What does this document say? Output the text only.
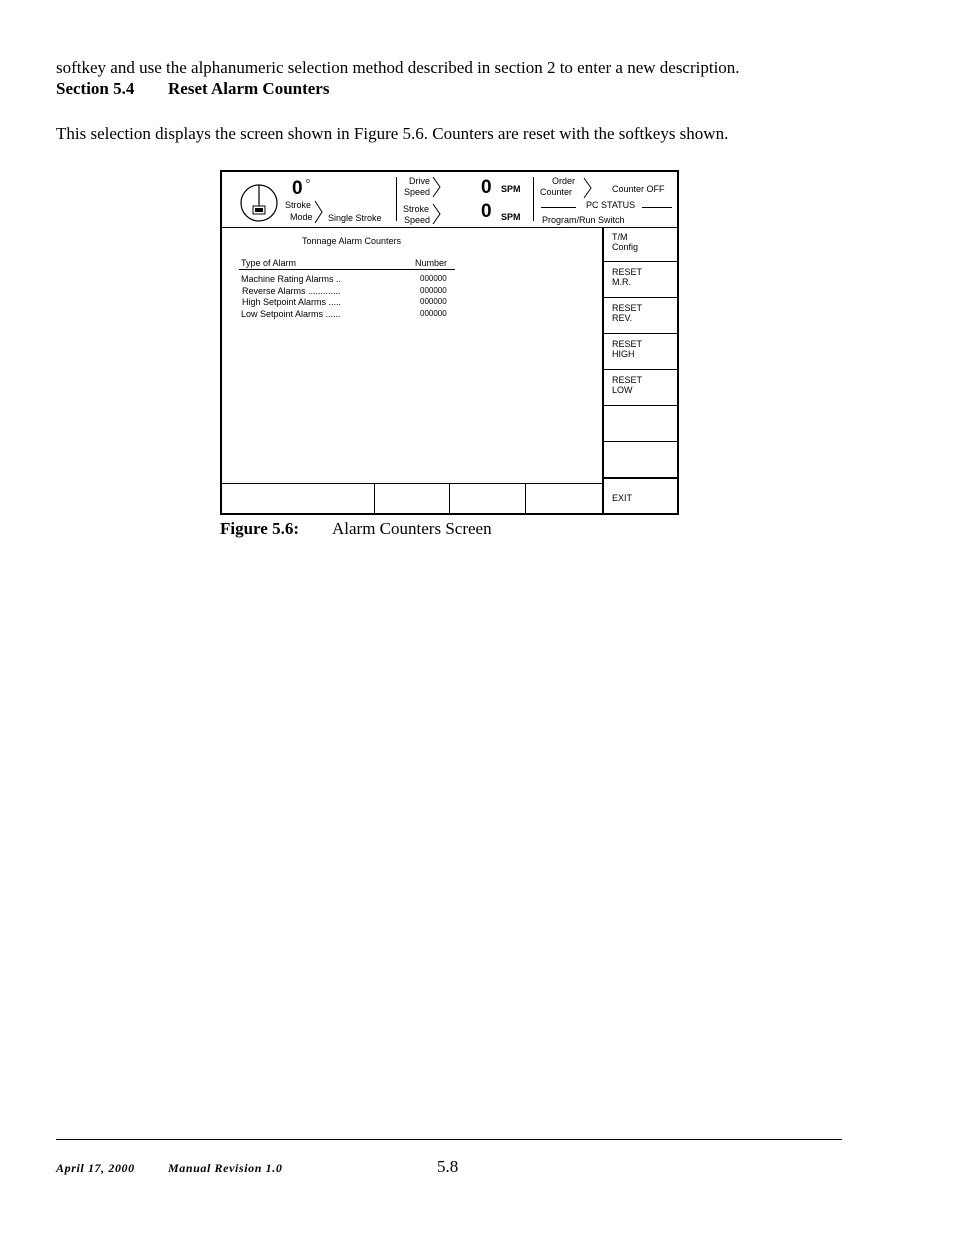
softkey and use the alphanumeric selection method described in section 2 to enter a new description.
Section 5.4 Reset Alarm Counters
This selection displays the screen shown in Figure 5.6. Counters are reset with the softkeys shown.
0 o
Stroke
Mode Single Stroke
Drive
Speed
Stroke
Speed
0 SPM
0 SPM
Order
Counter	Counter OFF
PC STATUS
Program/Run Switch
Tonnage Alarm Counters
Type of Alarm	Number
Machine Rating Alarms ..	000000
Reverse Alarms .............	000000
High Setpoint Alarms .....	000000
Low Setpoint Alarms ......	000000
T/M
Config
RESET
M.R.
RESET
REV.
RESET
HIGH
RESET
LOW
EXIT
Figure 5.6: Alarm Counters Screen
April 17, 2000	Manual Revision 1.0	5.8
